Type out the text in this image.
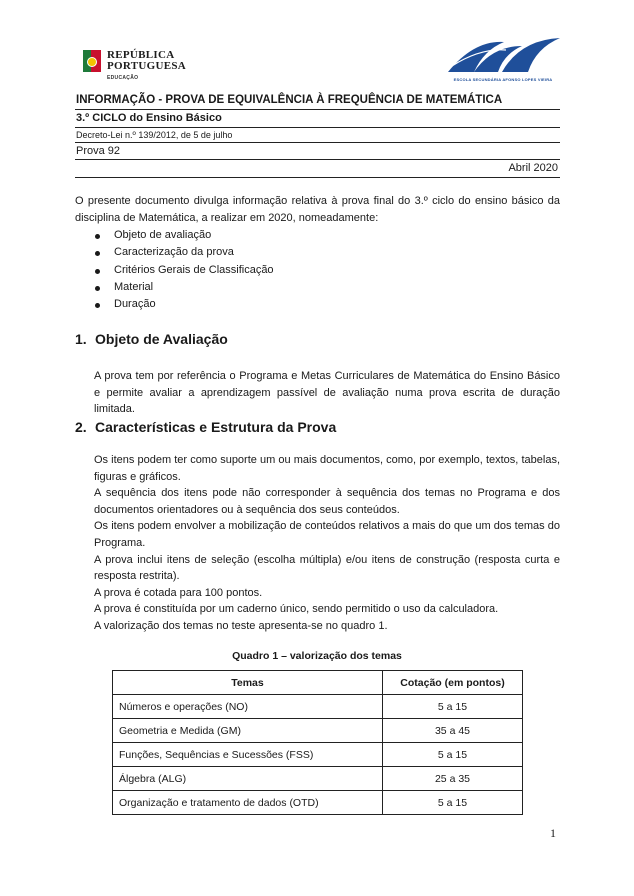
REPÚBLICA
PORTUGUESA
EDUCAÇÃO	ESCOLA SECUNDÁRIA AFONSO LOPES VIEIRA
INFORMAÇÃO - PROVA DE EQUIVALÊNCIA À FREQUÊNCIA DE MATEMÁTICA
3.º CICLO do Ensino Básico
Decreto-Lei n.º 139/2012, de 5 de julho
Prova 92
Abril 2020
O presente documento divulga informação relativa à prova final do 3.º ciclo do ensino básico da disciplina de Matemática, a realizar em 2020, nomeadamente:
Objeto de avaliação
Caracterização da prova
Critérios Gerais de Classificação
Material
Duração
1. Objeto de Avaliação
A prova tem por referência o Programa e Metas Curriculares de Matemática do Ensino Básico e permite avaliar a aprendizagem passível de avaliação numa prova escrita de duração limitada.
2. Características e Estrutura da Prova
Os itens podem ter como suporte um ou mais documentos, como, por exemplo, textos, tabelas, figuras e gráficos.
A sequência dos itens pode não corresponder à sequência dos temas no Programa e dos documentos orientadores ou à sequência dos seus conteúdos.
Os itens podem envolver a mobilização de conteúdos relativos a mais do que um dos temas do Programa.
A prova inclui itens de seleção (escolha múltipla) e/ou itens de construção (resposta curta e resposta restrita).
A prova é cotada para 100 pontos.
A prova é constituída por um caderno único, sendo permitido o uso da calculadora.
A valorização dos temas no teste apresenta-se no quadro 1.
Quadro 1 – valorização dos temas
Temas	Cotação (em pontos)
Números e operações (NO)	5 a 15
Geometria e Medida (GM)	35 a 45
Funções, Sequências e Sucessões (FSS)	5 a 15
Álgebra (ALG)	25 a 35
Organização e tratamento de dados (OTD)	5 a 15
1
